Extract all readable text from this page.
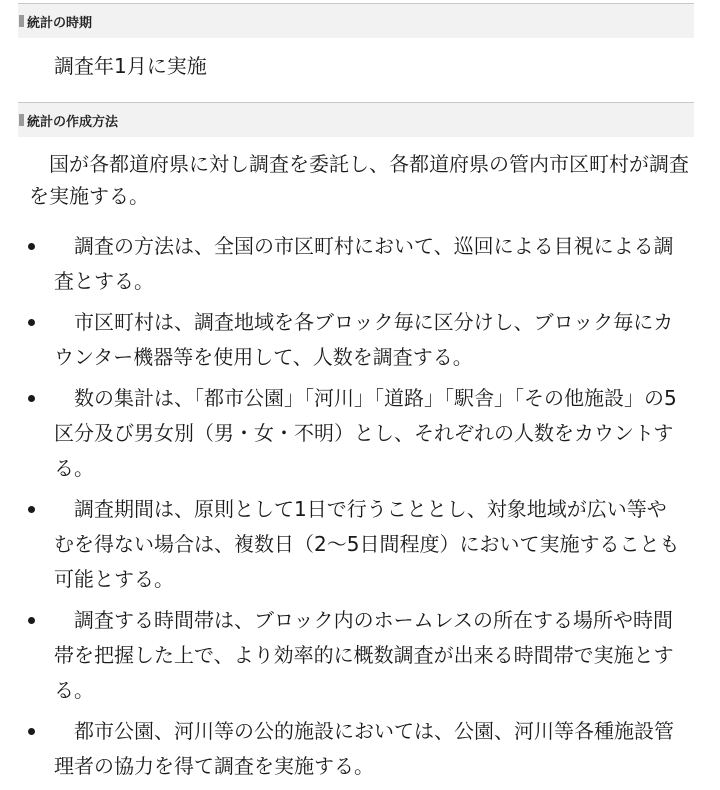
統計の時期
調査年1月に実施
統計の作成方法

国が各都道府県に対し調査を委託し、各都道府県の管内市区町村が調査を実施する。

調査の方法は、全国の市区町村において、巡回による目視による調査とする。
市区町村は、調査地域を各ブロック毎に区分けし、ブロック毎にカウンター機器等を使用して、人数を調査する。
数の集計は、「都市公園」「河川」「道路」「駅舎」「その他施設」の5区分及び男女別（男・女・不明）とし、それぞれの人数をカウントする。
調査期間は、原則として1日で行うこととし、対象地域が広い等やむを得ない場合は、複数日（2〜5日間程度）において実施することも可能とする。
調査する時間帯は、ブロック内のホームレスの所在する場所や時間帯を把握した上で、より効率的に概数調査が出来る時間帯で実施とする。
都市公園、河川等の公的施設においては、公園、河川等各種施設管理者の協力を得て調査を実施する。
